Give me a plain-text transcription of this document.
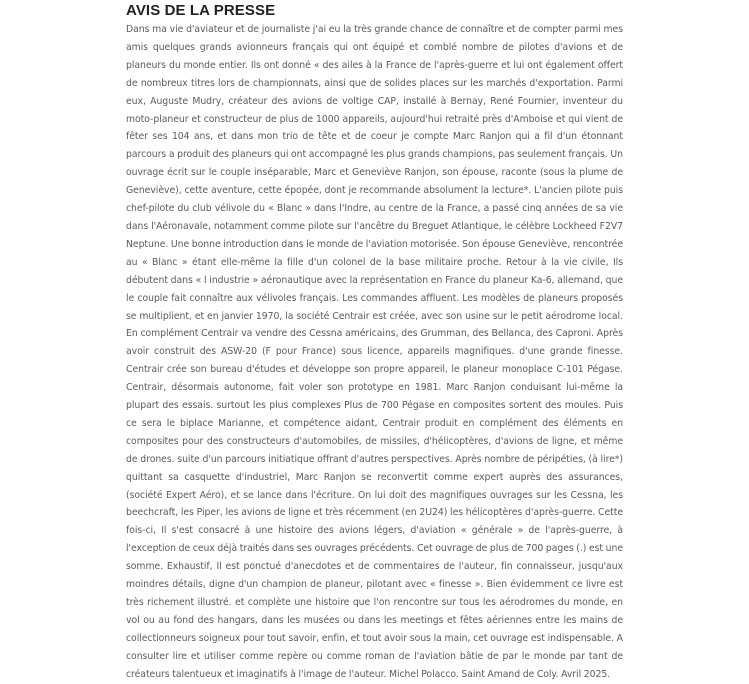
AVIS DE LA PRESSE

Dans ma vie d'aviateur et de journaliste j'ai eu la très grande chance de connaître et de compter parmi mes amis quelques grands avionneurs français qui ont équipé et comblé nombre de pilotes d'avions et de planeurs du monde entier. Ils ont donné « des ailes à la France de l'après-guerre et lui ont également offert de nombreux titres lors de championnats, ainsi que de solides places sur les marchés d'exportation. Parmi eux, Auguste Mudry, créateur des avions de voltige CAP, installé à Bernay, René Fournier, inventeur du moto-planeur et constructeur de plus de 1000 appareils, aujourd'hui retraité près d'Amboise et qui vient de fêter ses 104 ans, et dans mon trio de tête et de coeur je compte Marc Ranjon qui a fil d'un étonnant parcours a produit des planeurs qui ont accompagné les plus grands champions, pas seulement français. Un ouvrage écrit sur le couple inséparable, Marc et Geneviève Ranjon, son épouse, raconte (sous la plume de Geneviève), cette aventure, cette épopée, dont je recommande absolument la lecture*. L'ancien pilote puis chef-pilote du club vélivole du « Blanc » dans l'Indre, au centre de la France, a passé cinq années de sa vie dans l'Aéronavale, notamment comme pilote sur l'ancêtre du Breguet Atlantique, le célèbre Lockheed F2V7 Neptune. Une bonne introduction dans le monde de l'aviation motorisée. Son épouse Geneviève, rencontrée au « Blanc » étant elle-même la fille d'un colonel de la base militaire proche. Retour à la vie civile, Ils débutent dans « l industrie » aéronautique avec la représentation en France du planeur Ka-6, allemand, que le couple fait connaître aux vélivoles français. Les commandes affluent. Les modèles de planeurs proposés se multiplient, et en janvier 1970, la société Centrair est créée, avec son usine sur le petit aérodrome local. En complément Centrair va vendre des Cessna américains, des Grumman, des Bellanca, des Caproni. Après avoir construit des ASW-20 (F pour France) sous licence, appareils magnifiques. d'une grande finesse. Centrair crée son bureau d'études et développe son propre appareil, le planeur monoplace C-101 Pégase. Centrair, désormais autonome, fait voler son prototype en 1981. Marc Ranjon conduisant lui-même la plupart des essais. surtout les plus complexes Plus de 700 Pégase en composites sortent des moules. Puis ce sera le biplace Marianne, et compétence aidant, Centrair produit en complément des éléments en composites pour des constructeurs d'automobiles, de missiles, d'hélicoptères, d'avions de ligne, et même de drones. suite d'un parcours initiatique offrant d'autres perspectives. Après nombre de péripéties, (à lire*) quittant sa casquette d'industriel, Marc Ranjon se reconvertit comme expert auprès des assurances, (société Expert Aéro), et se lance dans l'écriture. On lui doit des magnifiques ouvrages sur les Cessna, les beechcraft, les Piper, les avions de ligne et très récemment (en 2U24) les hélicoptères d'après-guerre. Cette fois-ci, Il s'est consacré à une histoire des avions légers, d'aviation « générale » de l'après-guerre, à l'exception de ceux déjà traités dans ses ouvrages précédents. Cet ouvrage de plus de 700 pages (.) est une somme. Exhaustif, Il est ponctué d'anecdotes et de commentaires de l'auteur, fin connaisseur, jusqu'aux moindres détails, digne d'un champion de planeur, pilotant avec « finesse ». Bien évidemment ce livre est très richement illustré. et complète une histoire que l'on rencontre sur tous les aérodromes du monde, en vol ou au fond des hangars, dans les musées ou dans les meetings et fêtes aériennes entre les mains de collectionneurs soigneux pour tout savoir, enfin, et tout avoir sous la main, cet ouvrage est indispensable. A consulter lire et utiliser comme repère ou comme roman de l'aviation bâtie de par le monde par tant de créateurs talentueux et imaginatifs à l'image de l'auteur. Michel Polacco. Saint Amand de Coly. Avril 2025.
